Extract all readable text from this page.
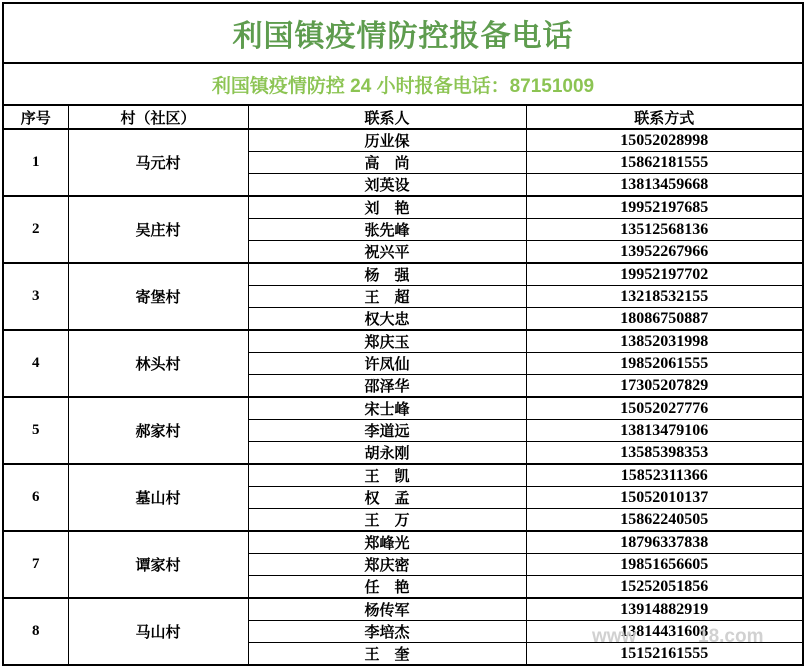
利国镇疫情防控报备电话			
利国镇疫情防控 24 小时报备电话：87151009			
序号	村（社区）	联系人	联系方式
1	马元村	历业保	15052028998
		高　尚	15862181555
		刘英设	13813459668
2	吴庄村	刘　艳	19952197685
		张先峰	13512568136
		祝兴平	13952267966
3	寄堡村	杨　强	19952197702
		王　超	13218532155
		权大忠	18086750887
4	林头村	郑庆玉	13852031998
		许凤仙	19852061555
		邵泽华	17305207829
5	郝家村	宋士峰	15052027776
		李道远	13813479106
		胡永刚	13585398353
6	墓山村	王　凯	15852311366
		权　孟	15052010137
		王　万	15862240505
7	谭家村	郑峰光	18796337838
		郑庆密	19851656605
		任　艳	15252051856
8	马山村	杨传军	13914882919
		李培杰	13814431608
		王　奎	15152161555
www	18.com
